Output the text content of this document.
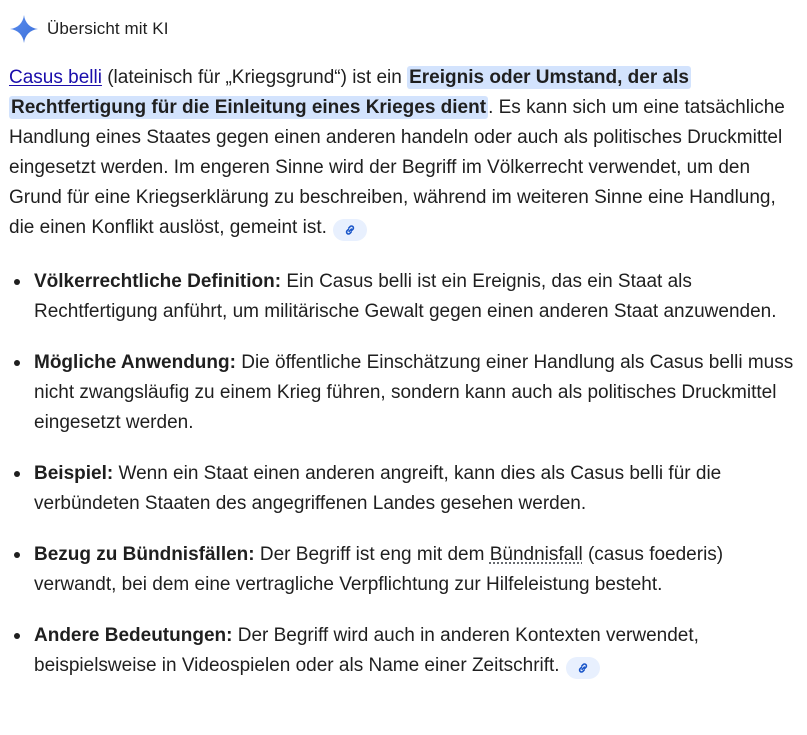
Übersicht mit KI

Casus belli (lateinisch für „Kriegsgrund“) ist ein Ereignis oder Umstand, der als Rechtfertigung für die Einleitung eines Krieges dient . Es kann sich um eine tatsächliche Handlung eines Staates gegen einen anderen handeln oder auch als politisches Druckmittel eingesetzt werden. Im engeren Sinne wird der Begriff im Völkerrecht verwendet, um den Grund für eine Kriegserklärung zu beschreiben, während im weiteren Sinne eine Handlung, die einen Konflikt auslöst, gemeint ist.

Völkerrechtliche Definition: Ein Casus belli ist ein Ereignis, das ein Staat als Rechtfertigung anführt, um militärische Gewalt gegen einen anderen Staat anzuwenden.
Mögliche Anwendung: Die öffentliche Einschätzung einer Handlung als Casus belli muss nicht zwangsläufig zu einem Krieg führen, sondern kann auch als politisches Druckmittel eingesetzt werden.
Beispiel: Wenn ein Staat einen anderen angreift, kann dies als Casus belli für die verbündeten Staaten des angegriffenen Landes gesehen werden.
Bezug zu Bündnisfällen: Der Begriff ist eng mit dem Bündnisfall (casus foederis) verwandt, bei dem eine vertragliche Verpflichtung zur Hilfeleistung besteht.
Andere Bedeutungen: Der Begriff wird auch in anderen Kontexten verwendet, beispielsweise in Videospielen oder als Name einer Zeitschrift.
